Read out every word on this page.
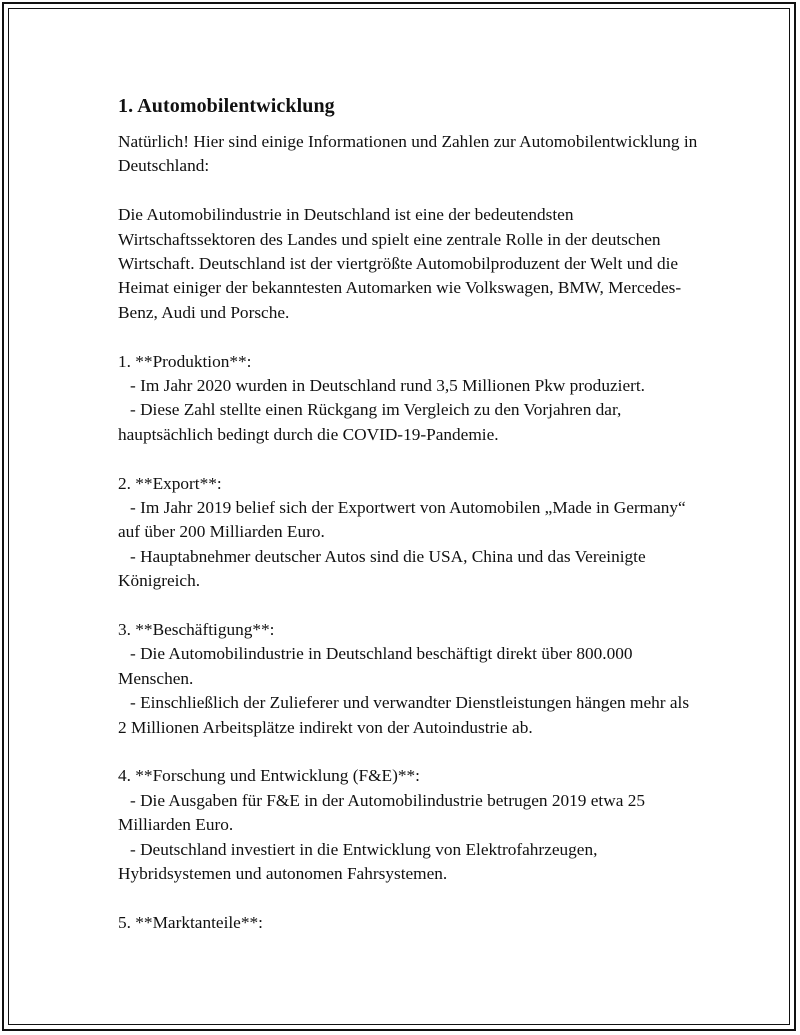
1. Automobilentwicklung
Natürlich! Hier sind einige Informationen und Zahlen zur Automobilentwicklung in Deutschland:
Die Automobilindustrie in Deutschland ist eine der bedeutendsten Wirtschaftssektoren des Landes und spielt eine zentrale Rolle in der deutschen Wirtschaft. Deutschland ist der viertgrößte Automobilproduzent der Welt und die Heimat einiger der bekanntesten Automarken wie Volkswagen, BMW, Mercedes-Benz, Audi und Porsche.
1. **Produktion**:
- Im Jahr 2020 wurden in Deutschland rund 3,5 Millionen Pkw produziert.
- Diese Zahl stellte einen Rückgang im Vergleich zu den Vorjahren dar, hauptsächlich bedingt durch die COVID-19-Pandemie.
2. **Export**:
- Im Jahr 2019 belief sich der Exportwert von Automobilen „Made in Germany“ auf über 200 Milliarden Euro.
- Hauptabnehmer deutscher Autos sind die USA, China und das Vereinigte Königreich.
3. **Beschäftigung**:
- Die Automobilindustrie in Deutschland beschäftigt direkt über 800.000 Menschen.
- Einschließlich der Zulieferer und verwandter Dienstleistungen hängen mehr als 2 Millionen Arbeitsplätze indirekt von der Autoindustrie ab.
4. **Forschung und Entwicklung (F&E)**:
- Die Ausgaben für F&E in der Automobilindustrie betrugen 2019 etwa 25 Milliarden Euro.
- Deutschland investiert in die Entwicklung von Elektrofahrzeugen, Hybridsystemen und autonomen Fahrsystemen.
5. **Marktanteile**:
